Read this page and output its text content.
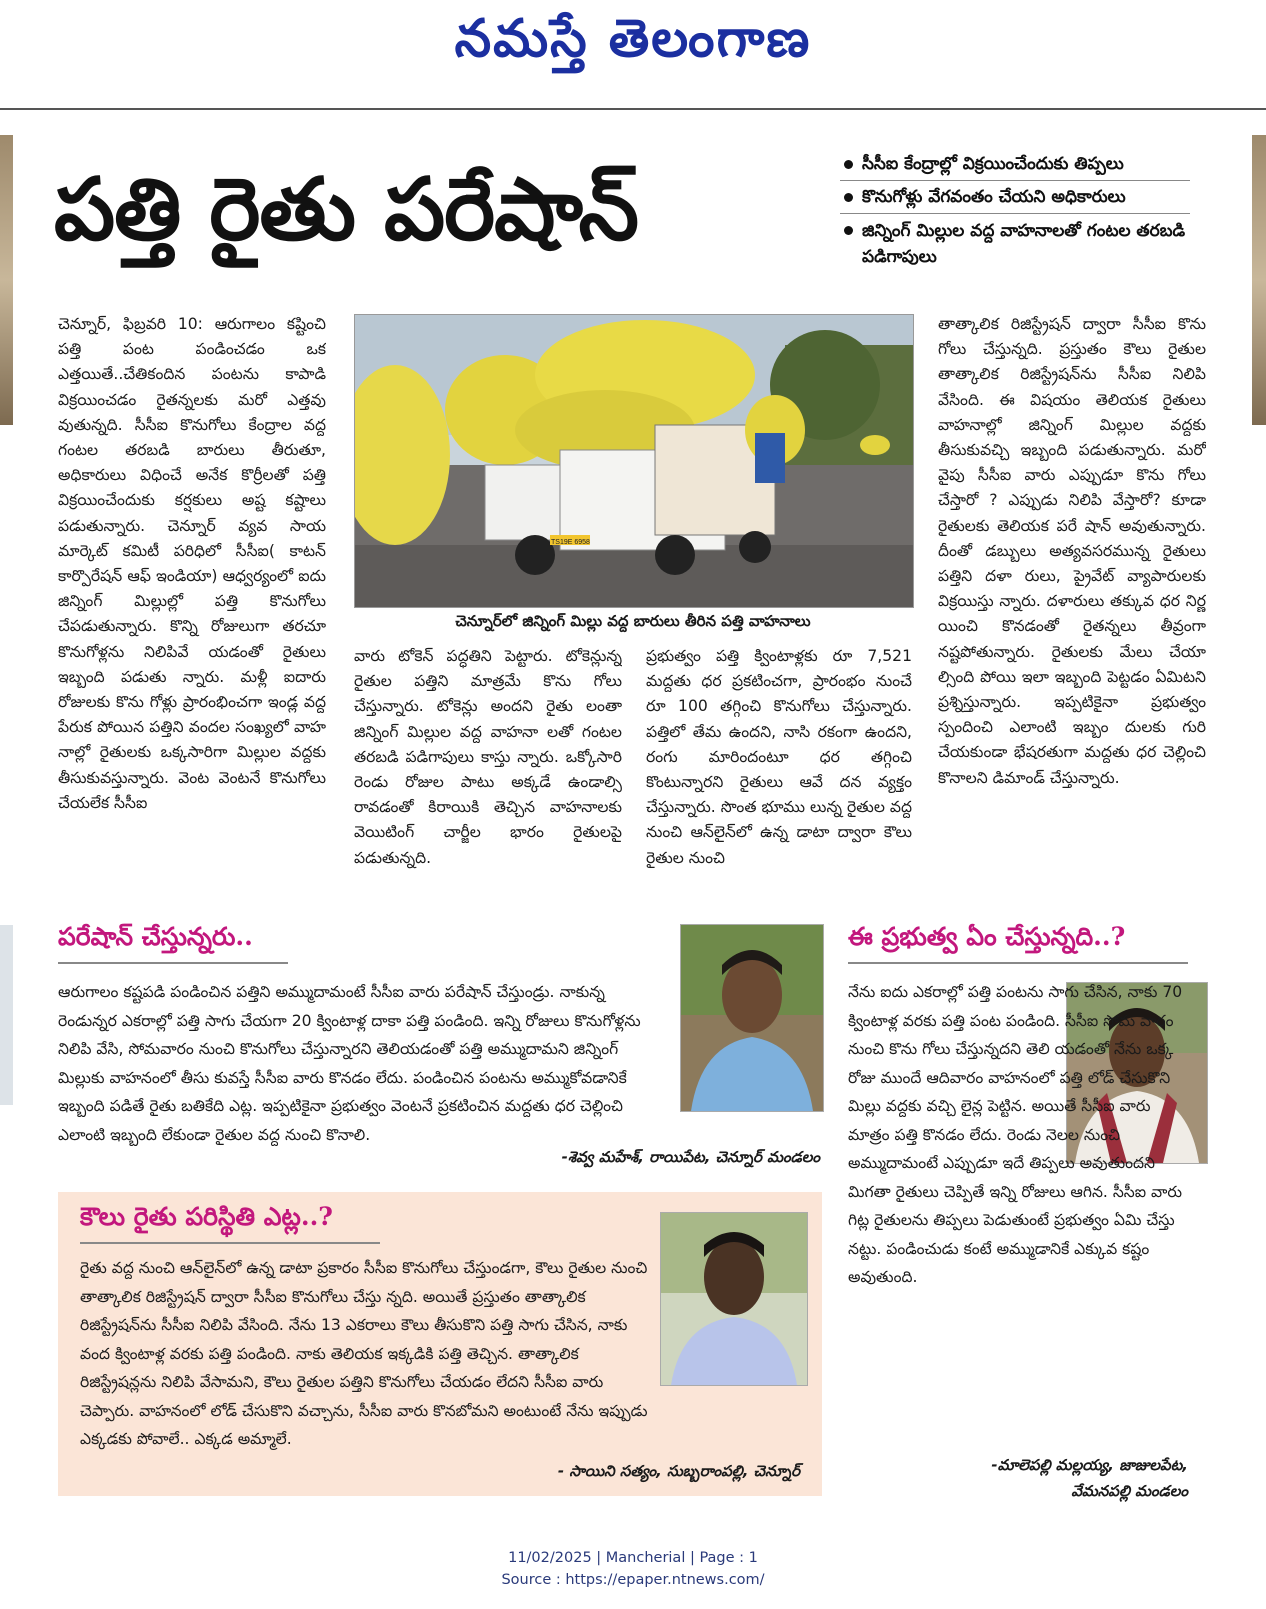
నమస్తే తెలంగాణ
పత్తి రైతు పరేషాన్	సీసీఐ కేంద్రాల్లో విక్రయించేందుకు తిప్పలు
కొనుగోళ్లు వేగవంతం చేయని అధికారులు
జిన్నింగ్ మిల్లుల వద్ద వాహనాలతో గంటల తరబడి పడిగాపులు

చెన్నూర్, ఫిబ్రవరి 10: ఆరుగాలం కష్టించి పత్తి పంట పండించడం ఒక ఎత్తయితే..చేతికందిన పంటను కాపాడి విక్రయించడం రైతన్నలకు మరో ఎత్తవు వుతున్నది. సీసీఐ కొనుగోలు కేంద్రాల వద్ద గంటల తరబడి బారులు తీరుతూ, అధికారులు విధించే అనేక కొర్రీలతో పత్తి విక్రయించేందుకు కర్షకులు అష్ట కష్టాలు పడుతున్నారు. చెన్నూర్ వ్యవ సాయ మార్కెట్ కమిటీ పరిధిలో సీసీఐ( కాటన్ కార్పొరేషన్ ఆఫ్ ఇండియా) ఆధ్వర్యంలో ఐదు జిన్నింగ్ మిల్లుల్లో పత్తి కొనుగోలు చేపడుతున్నారు. కొన్ని రోజులుగా తరచూ కొనుగోళ్లను నిలిపివే యడంతో రైతులు ఇబ్బంది పడుతు న్నారు. మళ్లీ ఐదారు రోజులకు కొను గోళ్లు ప్రారంభించగా ఇండ్ల వద్ద పేరుక పోయిన పత్తిని వందల సంఖ్యలో వాహ నాల్లో రైతులకు ఒక్కసారిగా మిల్లుల వద్దకు తీసుకువస్తున్నారు. వెంట వెంటనే కొనుగోలు చేయలేక సీసీఐ

TS19E 6958
చెన్నూర్‌లో జిన్నింగ్ మిల్లు వద్ద బారులు తీరిన పత్తి వాహనాలు

వారు టోకెన్ పద్ధతిని పెట్టారు. టోకెన్లున్న రైతుల పత్తిని మాత్రమే కొను గోలు చేస్తున్నారు. టోకెన్లు అందని రైతు లంతా జిన్నింగ్ మిల్లుల వద్ద వాహనా లతో గంటల తరబడి పడిగాపులు కాస్తు న్నారు. ఒక్కోసారి రెండు రోజుల పాటు అక్కడే ఉండాల్సి రావడంతో కిరాయికి తెచ్చిన వాహనాలకు వెయిటింగ్ చార్జీల భారం రైతులపై పడుతున్నది.

ప్రభుత్వం పత్తి క్వింటాళ్లకు రూ 7,521 మద్దతు ధర ప్రకటించగా, ప్రారంభం నుంచే రూ 100 తగ్గించి కొనుగోలు చేస్తున్నారు. పత్తిలో తేమ ఉందని, నాసి రకంగా ఉందని, రంగు మారిందంటూ ధర తగ్గించి కొంటున్నారని రైతులు ఆవే దన వ్యక్తం చేస్తున్నారు. సొంత భూము లున్న రైతుల వద్ద నుంచి ఆన్‌లైన్‌లో ఉన్న డాటా ద్వారా కౌలు రైతుల నుంచి

తాత్కాలిక రిజిస్ట్రేషన్ ద్వారా సీసీఐ కొను గోలు చేస్తున్నది. ప్రస్తుతం కౌలు రైతుల తాత్కాలిక రిజిస్ట్రేషన్‌ను సీసీఐ నిలిపి వేసింది. ఈ విషయం తెలియక రైతులు వాహనాల్లో జిన్నింగ్ మిల్లుల వద్దకు తీసుకువచ్చి ఇబ్బంది పడుతున్నారు. మరో వైపు సీసీఐ వారు ఎప్పుడూ కొను గోలు చేస్తారో ? ఎప్పుడు నిలిపి వేస్తారో? కూడా రైతులకు తెలియక పరే షాన్ అవుతున్నారు. దీంతో డబ్బులు అత్యవసరమున్న రైతులు పత్తిని దళా రులు, ప్రైవేట్ వ్యాపారులకు విక్రయిస్తు న్నారు. దళారులు తక్కువ ధర నిర్ణ యించి కొనడంతో రైతన్నలు తీవ్రంగా నష్టపోతున్నారు. రైతులకు మేలు చేయా ల్సింది పోయి ఇలా ఇబ్బంది పెట్టడం ఏమిటని ప్రశ్నిస్తున్నారు. ఇప్పటికైనా ప్రభుత్వం స్పందించి ఎలాంటి ఇబ్బం దులకు గురి చేయకుండా భేషరతుగా మద్దతు ధర చెల్లించి కొనాలని డిమాండ్ చేస్తున్నారు.

పరేషాన్ చేస్తున్నరు..
ఆరుగాలం కష్టపడి పండించిన పత్తిని అమ్ముదామంటే సీసీఐ వారు పరేషాన్ చేస్తుండ్రు. నాకున్న రెండున్నర ఎకరాల్లో పత్తి సాగు చేయగా 20 క్వింటాళ్ల దాకా పత్తి పండింది. ఇన్ని రోజులు కొనుగోళ్లను నిలిపి వేసి, సోమవారం నుంచి కొనుగోలు చేస్తున్నారని తెలియడంతో పత్తి అమ్ముదామని జిన్నింగ్ మిల్లుకు వాహనంలో తీసు కువస్తే సీసీఐ వారు కొనడం లేదు. పండించిన పంటను అమ్ముకోవడానికే ఇబ్బంది పడితే రైతు బతికేది ఎట్ల. ఇప్పటికైనా ప్రభుత్వం వెంటనే ప్రకటించిన మద్దతు ధర చెల్లించి ఎలాంటి ఇబ్బంది లేకుండా రైతుల వద్ద నుంచి కొనాలి.
-శెవ్వ మహేశ్, రాయిపేట, చెన్నూర్ మండలం
ఈ ప్రభుత్వ ఏం చేస్తున్నది..?
నేను ఐదు ఎకరాల్లో పత్తి పంటను సాగు చేసిన, నాకు 70 క్వింటాళ్ల వరకు పత్తి పంట పండింది. సీసీఐ సోమ వారం నుంచి కొను గోలు చేస్తున్నదని తెలి యడంతో నేను ఒక్క రోజు ముందే ఆదివారం వాహనంలో పత్తి లోడ్ చేసుకొని మిల్లు వద్దకు వచ్చి లైన్ల పెట్టిన. అయితే సీసీఐ వారు మాత్రం పత్తి కొనడం లేదు. రెండు నెలల నుంచి అమ్ముదామంటే ఎప్పుడూ ఇదే తిప్పలు అవుతుందని మిగతా రైతులు చెప్పితే ఇన్ని రోజులు ఆగిన. సీసీఐ వారు గిట్ల రైతులను తిప్పలు పెడుతుంటే ప్రభుత్వం ఏమి చేస్తు నట్టు. పండించుడు కంటే అమ్ముడానికే ఎక్కువ కష్టం అవుతుంది.
-మాలెపల్లి మల్లయ్య, జాజులపేట,
వేమనపల్లి మండలం
కౌలు రైతు పరిస్థితి ఎట్ల..?
రైతు వద్ద నుంచి ఆన్‌లైన్‌లో ఉన్న డాటా ప్రకారం సీసీఐ కొనుగోలు చేస్తుండగా, కౌలు రైతుల నుంచి తాత్కాలిక రిజిస్ట్రేషన్ ద్వారా సీసీఐ కొనుగోలు చేస్తు న్నది. అయితే ప్రస్తుతం తాత్కాలిక రిజిస్ట్రేషన్‌ను సీసీఐ నిలిపి వేసింది. నేను 13 ఎకరాలు కౌలు తీసుకొని పత్తి సాగు చేసిన, నాకు వంద క్వింటాళ్ల వరకు పత్తి పండింది. నాకు తెలియక ఇక్కడికి పత్తి తెచ్చిన. తాత్కాలిక రిజిస్ట్రేషన్లను నిలిపి వేసామని, కౌలు రైతుల పత్తిని కొనుగోలు చేయడం లేదని సీసీఐ వారు చెప్పారు. వాహనంలో లోడ్ చేసుకొని వచ్చాను, సీసీఐ వారు కొనబోమని అంటుంటే నేను ఇప్పుడు ఎక్కడకు పోవాలే.. ఎక్కడ అమ్మాలే.
- సాయిని సత్యం, సుబ్బరాంపల్లి, చెన్నూర్
11/02/2025 | Mancherial | Page : 1
Source : https://epaper.ntnews.com/
